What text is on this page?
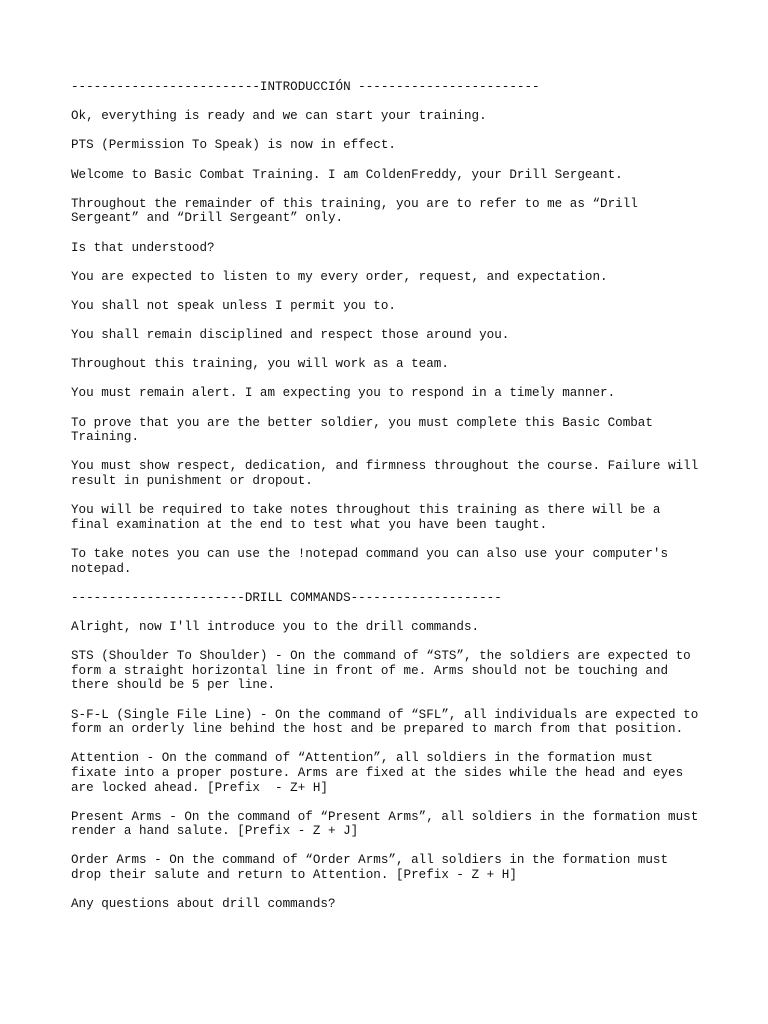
-------------------------INTRODUCCIÓN ------------------------
Ok, everything is ready and we can start your training.
PTS (Permission To Speak) is now in effect.
Welcome to Basic Combat Training. I am ColdenFreddy, your Drill Sergeant.
Throughout the remainder of this training, you are to refer to me as “Drill
Sergeant” and “Drill Sergeant” only.
Is that understood?
You are expected to listen to my every order, request, and expectation.
You shall not speak unless I permit you to.
You shall remain disciplined and respect those around you.
Throughout this training, you will work as a team.
You must remain alert. I am expecting you to respond in a timely manner.
To prove that you are the better soldier, you must complete this Basic Combat
Training.
You must show respect, dedication, and firmness throughout the course. Failure will
result in punishment or dropout.
You will be required to take notes throughout this training as there will be a
final examination at the end to test what you have been taught.
To take notes you can use the !notepad command you can also use your computer's
notepad.
-----------------------DRILL COMMANDS--------------------
Alright, now I'll introduce you to the drill commands.
STS (Shoulder To Shoulder) - On the command of “STS”, the soldiers are expected to
form a straight horizontal line in front of me. Arms should not be touching and
there should be 5 per line.
S-F-L (Single File Line) - On the command of “SFL”, all individuals are expected to
form an orderly line behind the host and be prepared to march from that position.
Attention - On the command of “Attention”, all soldiers in the formation must
fixate into a proper posture. Arms are fixed at the sides while the head and eyes
are locked ahead. [Prefix  - Z+ H]
Present Arms - On the command of “Present Arms”, all soldiers in the formation must
render a hand salute. [Prefix - Z + J]
Order Arms - On the command of “Order Arms”, all soldiers in the formation must
drop their salute and return to Attention. [Prefix - Z + H]
Any questions about drill commands?
